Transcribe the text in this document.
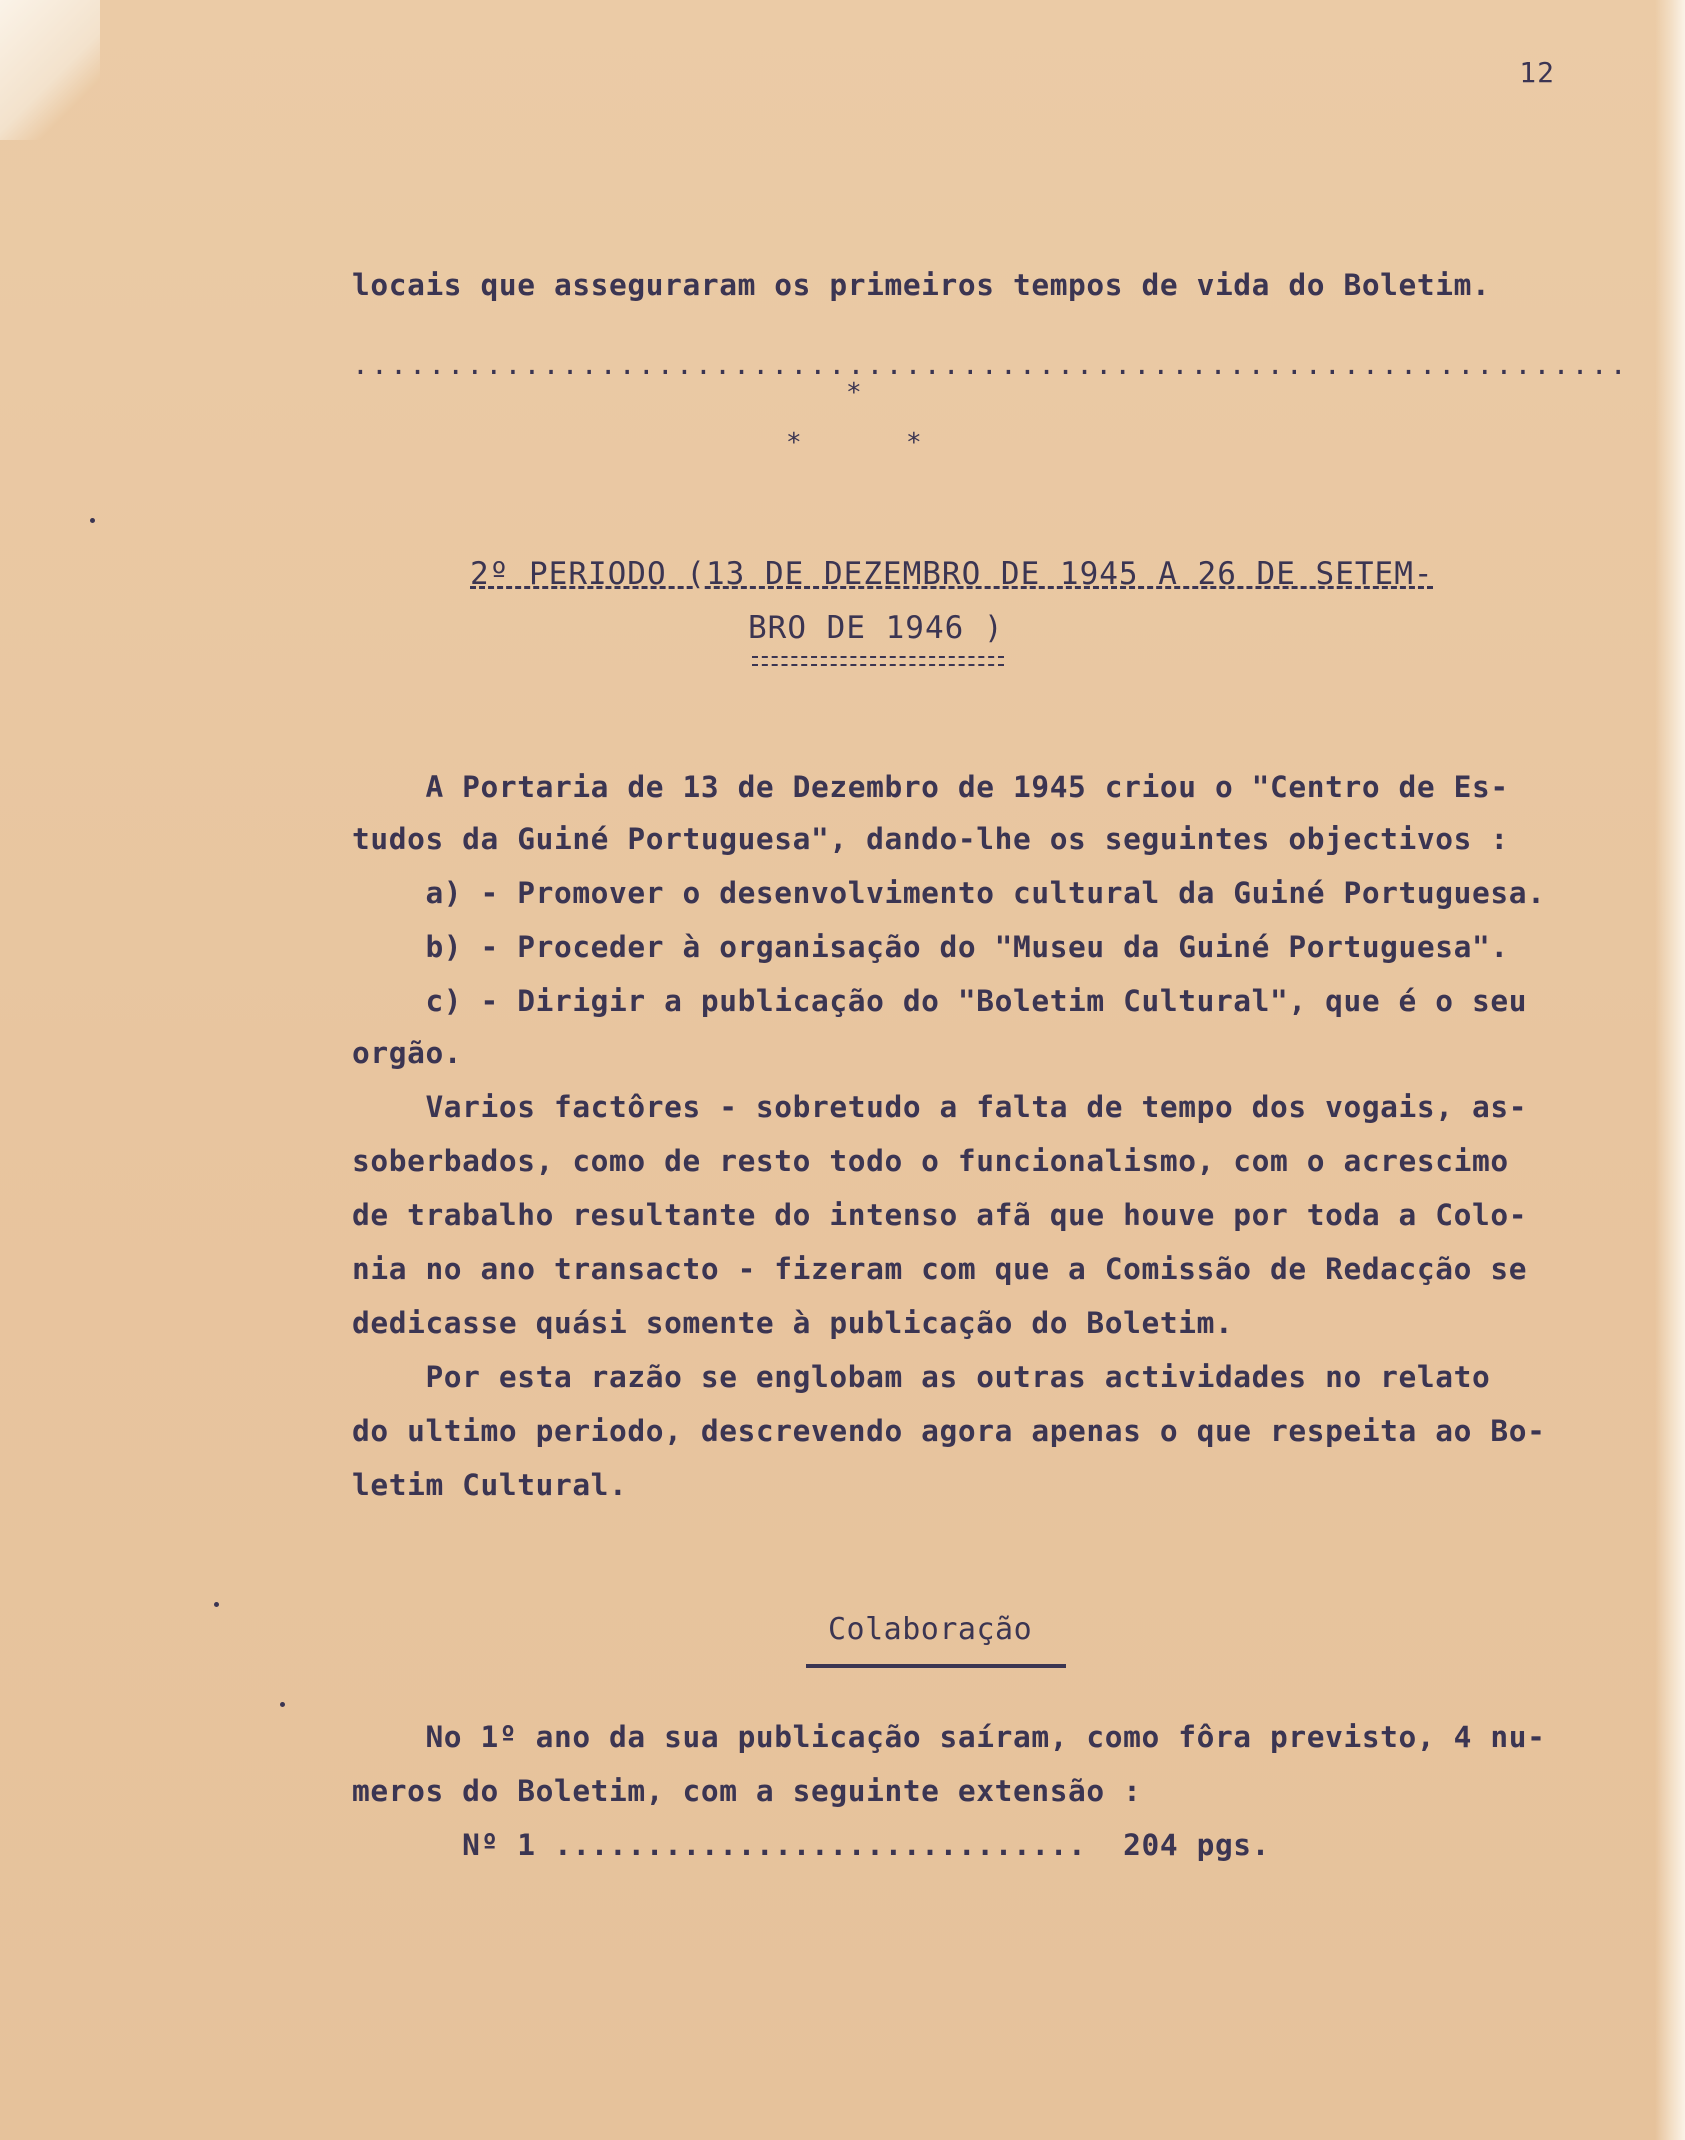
12
locais que asseguraram os primeiros tempos de vida do Boletim.
...................................................................
*
*	*
2º PERIODO (13 DE DEZEMBRO DE 1945 A 26 DE SETEM-
BRO DE 1946 )
A Portaria de 13 de Dezembro de 1945 criou o "Centro de Es-
tudos da Guiné Portuguesa", dando-lhe os seguintes objectivos :
a) - Promover o desenvolvimento cultural da Guiné Portuguesa.
b) - Proceder à organisação do "Museu da Guiné Portuguesa".
c) - Dirigir a publicação do "Boletim Cultural", que é o seu
orgão.
Varios factôres - sobretudo a falta de tempo dos vogais, as-
soberbados, como de resto todo o funcionalismo, com o acrescimo
de trabalho resultante do intenso afã que houve por toda a Colo-
nia no ano transacto - fizeram com que a Comissão de Redacção se
dedicasse quási somente à publicação do Boletim.
Por esta razão se englobam as outras actividades no relato
do ultimo periodo, descrevendo agora apenas o que respeita ao Bo-
letim Cultural.
Colaboração
No 1º ano da sua publicação saíram, como fôra previsto, 4 nu-
meros do Boletim, com a seguinte extensão :
Nº 1 .............................  204 pgs.
